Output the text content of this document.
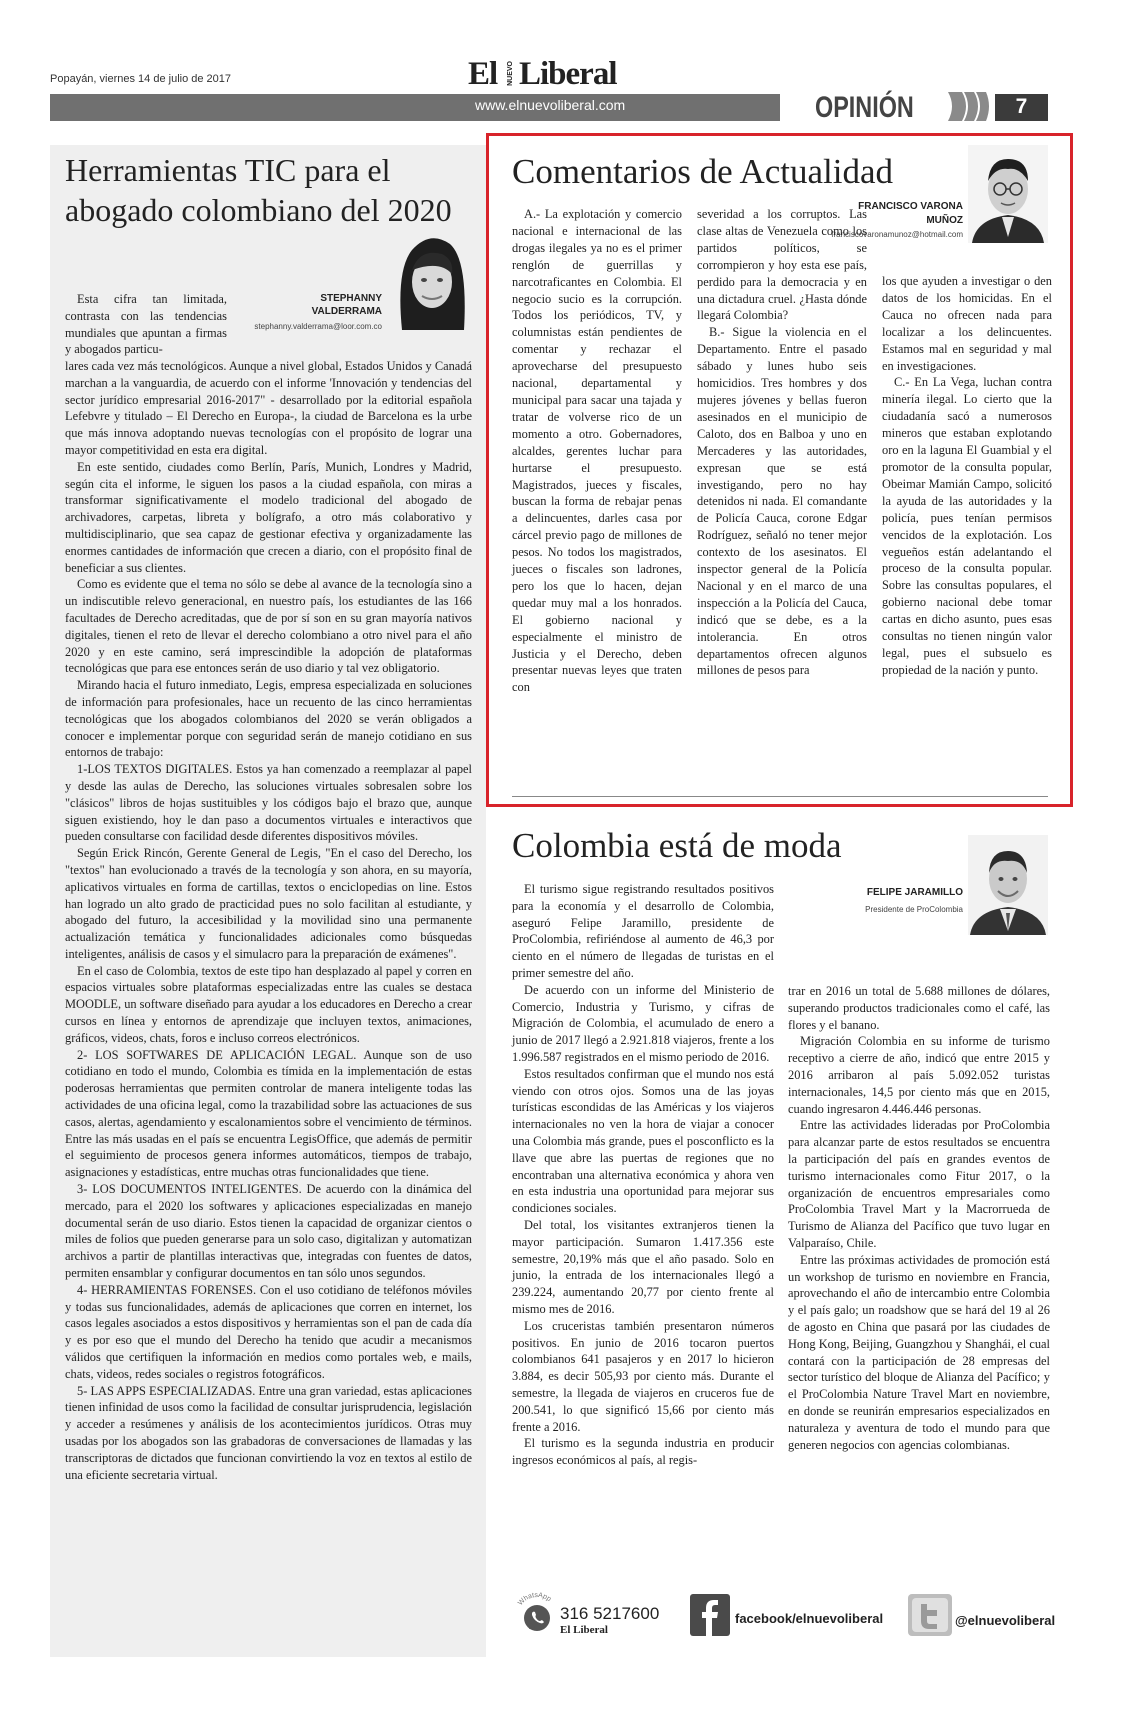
Popayán, viernes 14 de julio de 2017	El NUEVO Liberal
www.elnuevoliberal.com	OPINIÓN	7
Herramientas TIC para el abogado colombiano del 2020
STEPHANNY VALDERRAMA
stephanny.valderrama@loor.com.co
Esta cifra tan limitada, contrasta con las tendencias mundiales que apuntan a firmas y abogados particu-

lares cada vez más tecnológicos. Aunque a nivel global, Estados Unidos y Canadá marchan a la vanguardia, de acuerdo con el informe 'Innovación y tendencias del sector jurídico empresarial 2016-2017" - desarrollado por la editorial española Lefebvre y titulado – El Derecho en Europa-, la ciudad de Barcelona es la urbe que más innova adoptando nuevas tecnologías con el propósito de lograr una mayor competitividad en esta era digital.

En este sentido, ciudades como Berlín, París, Munich, Londres y Madrid, según cita el informe, le siguen los pasos a la ciudad española, con miras a transformar significativamente el modelo tradicional del abogado de archivadores, carpetas, libreta y bolígrafo, a otro más colaborativo y multidisciplinario, que sea capaz de gestionar efectiva y organizadamente las enormes cantidades de información que crecen a diario, con el propósito final de beneficiar a sus clientes.

Como es evidente que el tema no sólo se debe al avance de la tecnología sino a un indiscutible relevo generacional, en nuestro país, los estudiantes de las 166 facultades de Derecho acreditadas, que de por sí son en su gran mayoría nativos digitales, tienen el reto de llevar el derecho colombiano a otro nivel para el año 2020 y en este camino, será imprescindible la adopción de plataformas tecnológicas que para ese entonces serán de uso diario y tal vez obligatorio.

Mirando hacia el futuro inmediato, Legis, empresa especializada en soluciones de información para profesionales, hace un recuento de las cinco herramientas tecnológicas que los abogados colombianos del 2020 se verán obligados a conocer e implementar porque con seguridad serán de manejo cotidiano en sus entornos de trabajo:

1-LOS TEXTOS DIGITALES. Estos ya han comenzado a reemplazar al papel y desde las aulas de Derecho, las soluciones virtuales sobresalen sobre los "clásicos" libros de hojas sustituibles y los códigos bajo el brazo que, aunque siguen existiendo, hoy le dan paso a documentos virtuales e interactivos que pueden consultarse con facilidad desde diferentes dispositivos móviles.

Según Erick Rincón, Gerente General de Legis, "En el caso del Derecho, los "textos" han evolucionado a través de la tecnología y son ahora, en su mayoría, aplicativos virtuales en forma de cartillas, textos o enciclopedias on line. Estos han logrado un alto grado de practicidad pues no solo facilitan al estudiante, y abogado del futuro, la accesibilidad y la movilidad sino una permanente actualización temática y funcionalidades adicionales como búsquedas inteligentes, análisis de casos y el simulacro para la preparación de exámenes".

En el caso de Colombia, textos de este tipo han desplazado al papel y corren en espacios virtuales sobre plataformas especializadas entre las cuales se destaca MOODLE, un software diseñado para ayudar a los educadores en Derecho a crear cursos en línea y entornos de aprendizaje que incluyen textos, animaciones, gráficos, videos, chats, foros e incluso correos electrónicos.

2- LOS SOFTWARES DE APLICACIÓN LEGAL. Aunque son de uso cotidiano en todo el mundo, Colombia es tímida en la implementación de estas poderosas herramientas que permiten controlar de manera inteligente todas las actividades de una oficina legal, como la trazabilidad sobre las actuaciones de sus casos, alertas, agendamiento y escalonamientos sobre el vencimiento de términos. Entre las más usadas en el país se encuentra LegisOffice, que además de permitir el seguimiento de procesos genera informes automáticos, tiempos de trabajo, asignaciones y estadísticas, entre muchas otras funcionalidades que tiene.

3- LOS DOCUMENTOS INTELIGENTES. De acuerdo con la dinámica del mercado, para el 2020 los softwares y aplicaciones especializadas en manejo documental serán de uso diario. Estos tienen la capacidad de organizar cientos o miles de folios que pueden generarse para un solo caso, digitalizan y automatizan archivos a partir de plantillas interactivas que, integradas con fuentes de datos, permiten ensamblar y configurar documentos en tan sólo unos segundos.

4- HERRAMIENTAS FORENSES. Con el uso cotidiano de teléfonos móviles y todas sus funcionalidades, además de aplicaciones que corren en internet, los casos legales asociados a estos dispositivos y herramientas son el pan de cada día y es por eso que el mundo del Derecho ha tenido que acudir a mecanismos válidos que certifiquen la información en medios como portales web, e mails, chats, videos, redes sociales o registros fotográficos.

5- LAS APPS ESPECIALIZADAS. Entre una gran variedad, estas aplicaciones tienen infinidad de usos como la facilidad de consultar jurisprudencia, legislación y acceder a resúmenes y análisis de los acontecimientos jurídicos. Otras muy usadas por los abogados son las grabadoras de conversaciones de llamadas y las transcriptoras de dictados que funcionan convirtiendo la voz en textos al estilo de una eficiente secretaria virtual.

Comentarios de Actualidad
FRANCISCO VARONA MUÑOZ
franciscovaronamunoz@hotmail.com

A.- La explotación y comercio nacional e internacional de las drogas ilegales ya no es el primer renglón de guerrillas y narcotraficantes en Colombia. El negocio sucio es la corrupción. Todos los periódicos, TV, y columnistas están pendientes de comentar y rechazar el aprovecharse del presupuesto nacional, departamental y municipal para sacar una tajada y tratar de volverse rico de un momento a otro. Gobernadores, alcaldes, gerentes luchar para hurtarse el presupuesto. Magistrados, jueces y fiscales, buscan la forma de rebajar penas a delincuentes, darles casa por cárcel previo pago de millones de pesos. No todos los magistrados, jueces o fiscales son ladrones, pero los que lo hacen, dejan quedar muy mal a los honrados. El gobierno nacional y especialmente el ministro de Justicia y el Derecho, deben presentar nuevas leyes que traten con

severidad a los corruptos. Las clase altas de Venezuela como los partidos políticos, se corrompieron y hoy esta ese país, perdido para la democracia y en una dictadura cruel. ¿Hasta dónde llegará Colombia?

B.- Sigue la violencia en el Departamento. Entre el pasado sábado y lunes hubo seis homicidios. Tres hombres y dos mujeres jóvenes y bellas fueron asesinados en el municipio de Caloto, dos en Balboa y uno en Mercaderes y las autoridades, expresan que se está investigando, pero no hay detenidos ni nada. El comandante de Policía Cauca, corone Edgar Rodríguez, señaló no tener mejor contexto de los asesinatos. El inspector general de la Policía Nacional y en el marco de una inspección a la Policía del Cauca, indicó que se debe, es a la intolerancia. En otros departamentos ofrecen algunos millones de pesos para

los que ayuden a investigar o den datos de los homicidas. En el Cauca no ofrecen nada para localizar a los delincuentes. Estamos mal en seguridad y mal en investigaciones.

C.- En La Vega, luchan contra minería ilegal. Lo cierto que la ciudadanía sacó a numerosos mineros que estaban explotando oro en la laguna El Guambial y el promotor de la consulta popular, Obeimar Mamián Campo, solicitó la ayuda de las autoridades y la policía, pues tenían permisos vencidos de la explotación. Los vegueños están adelantando el proceso de la consulta popular. Sobre las consultas populares, el gobierno nacional debe tomar cartas en dicho asunto, pues esas consultas no tienen ningún valor legal, pues el subsuelo es propiedad de la nación y punto.

Colombia está de moda
FELIPE JARAMILLO
Presidente de ProColombia

El turismo sigue registrando resultados positivos para la economía y el desarrollo de Colombia, aseguró Felipe Jaramillo, presidente de ProColombia, refiriéndose al aumento de 46,3 por ciento en el número de llegadas de turistas en el primer semestre del año.

De acuerdo con un informe del Ministerio de Comercio, Industria y Turismo, y cifras de Migración de Colombia, el acumulado de enero a junio de 2017 llegó a 2.921.818 viajeros, frente a los 1.996.587 registrados en el mismo periodo de 2016.

Estos resultados confirman que el mundo nos está viendo con otros ojos. Somos una de las joyas turísticas escondidas de las Américas y los viajeros internacionales no ven la hora de viajar a conocer una Colombia más grande, pues el posconflicto es la llave que abre las puertas de regiones que no encontraban una alternativa económica y ahora ven en esta industria una oportunidad para mejorar sus condiciones sociales.

Del total, los visitantes extranjeros tienen la mayor participación. Sumaron 1.417.356 este semestre, 20,19% más que el año pasado. Solo en junio, la entrada de los internacionales llegó a 239.224, aumentando 20,77 por ciento frente al mismo mes de 2016.

Los cruceristas también presentaron números positivos. En junio de 2016 tocaron puertos colombianos 641 pasajeros y en 2017 lo hicieron 3.884, es decir 505,93 por ciento más. Durante el semestre, la llegada de viajeros en cruceros fue de 200.541, lo que significó 15,66 por ciento más frente a 2016.

El turismo es la segunda industria en producir ingresos económicos al país, al regis-

trar en 2016 un total de 5.688 millones de dólares, superando productos tradicionales como el café, las flores y el banano.

Migración Colombia en su informe de turismo receptivo a cierre de año, indicó que entre 2015 y 2016 arribaron al país 5.092.052 turistas internacionales, 14,5 por ciento más que en 2015, cuando ingresaron 4.446.446 personas.

Entre las actividades lideradas por ProColombia para alcanzar parte de estos resultados se encuentra la participación del país en grandes eventos de turismo internacionales como Fitur 2017, o la organización de encuentros empresariales como ProColombia Travel Mart y la Macrorrueda de Turismo de Alianza del Pacífico que tuvo lugar en Valparaíso, Chile.

Entre las próximas actividades de promoción está un workshop de turismo en noviembre en Francia, aprovechando el año de intercambio entre Colombia y el país galo; un roadshow que se hará del 19 al 26 de agosto en China que pasará por las ciudades de Hong Kong, Beijing, Guangzhou y Shanghái, el cual contará con la participación de 28 empresas del sector turístico del bloque de Alianza del Pacífico; y el ProColombia Nature Travel Mart en noviembre, en donde se reunirán empresarios especializados en naturaleza y aventura de todo el mundo para que generen negocios con agencias colombianas.

WhatsApp
316 5217600
El Liberal
facebook/elnuevoliberal	@elnuevoliberal
